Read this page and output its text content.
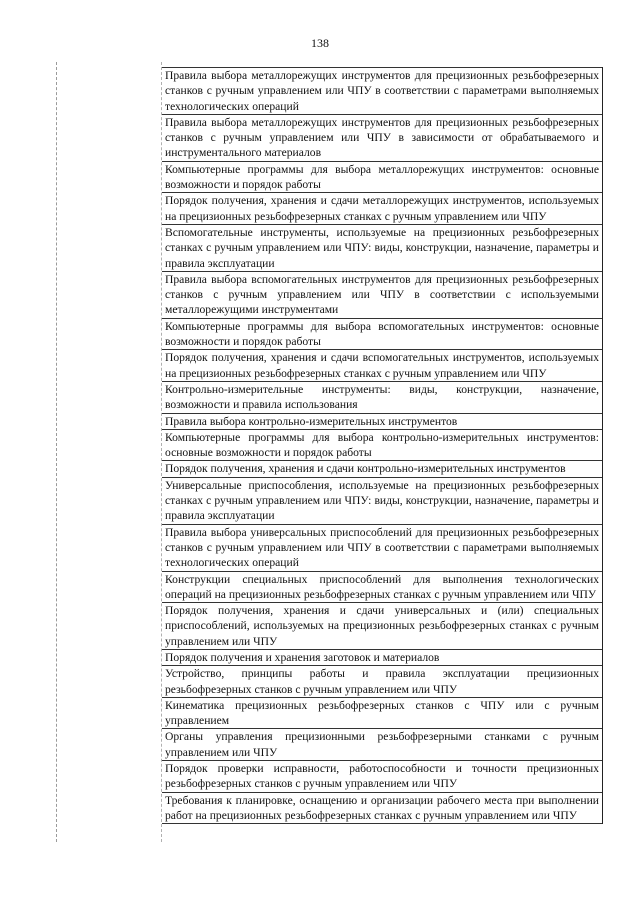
138
Правила выбора металлорежущих инструментов для прецизионных резьбофрезерных станков с ручным управлением или ЧПУ в соответствии с параметрами выполняемых технологических операций
Правила выбора металлорежущих инструментов для прецизионных резьбофрезерных станков с ручным управлением или ЧПУ в зависимости от обрабатываемого и инструментального материалов
Компьютерные программы для выбора металлорежущих инструментов: основные возможности и порядок работы
Порядок получения, хранения и сдачи металлорежущих инструментов, используемых на прецизионных резьбофрезерных станках с ручным управлением или ЧПУ
Вспомогательные инструменты, используемые на прецизионных резьбофрезерных станках с ручным управлением или ЧПУ: виды, конструкции, назначение, параметры и правила эксплуатации
Правила выбора вспомогательных инструментов для прецизионных резьбофрезерных станков с ручным управлением или ЧПУ в соответствии с используемыми металлорежущими инструментами
Компьютерные программы для выбора вспомогательных инструментов: основные возможности и порядок работы
Порядок получения, хранения и сдачи вспомогательных инструментов, используемых на прецизионных резьбофрезерных станках с ручным управлением или ЧПУ
Контрольно-измерительные инструменты: виды, конструкции, назначение, возможности и правила использования
Правила выбора контрольно-измерительных инструментов
Компьютерные программы для выбора контрольно-измерительных инструментов: основные возможности и порядок работы
Порядок получения, хранения и сдачи контрольно-измерительных инструментов
Универсальные приспособления, используемые на прецизионных резьбофрезерных станках с ручным управлением или ЧПУ: виды, конструкции, назначение, параметры и правила эксплуатации
Правила выбора универсальных приспособлений для прецизионных резьбофрезерных станков с ручным управлением или ЧПУ в соответствии с параметрами выполняемых технологических операций
Конструкции специальных приспособлений для выполнения технологических операций на прецизионных резьбофрезерных станках с ручным управлением или ЧПУ
Порядок получения, хранения и сдачи универсальных и (или) специальных приспособлений, используемых на прецизионных резьбофрезерных станках с ручным управлением или ЧПУ
Порядок получения и хранения заготовок и материалов
Устройство, принципы работы и правила эксплуатации прецизионных резьбофрезерных станков с ручным управлением или ЧПУ
Кинематика прецизионных резьбофрезерных станков с ЧПУ или с ручным управлением
Органы управления прецизионными резьбофрезерными станками с ручным управлением или ЧПУ
Порядок проверки исправности, работоспособности и точности прецизионных резьбофрезерных станков с ручным управлением или ЧПУ
Требования к планировке, оснащению и организации рабочего места при выполнении работ на прецизионных резьбофрезерных станках с ручным управлением или ЧПУ
